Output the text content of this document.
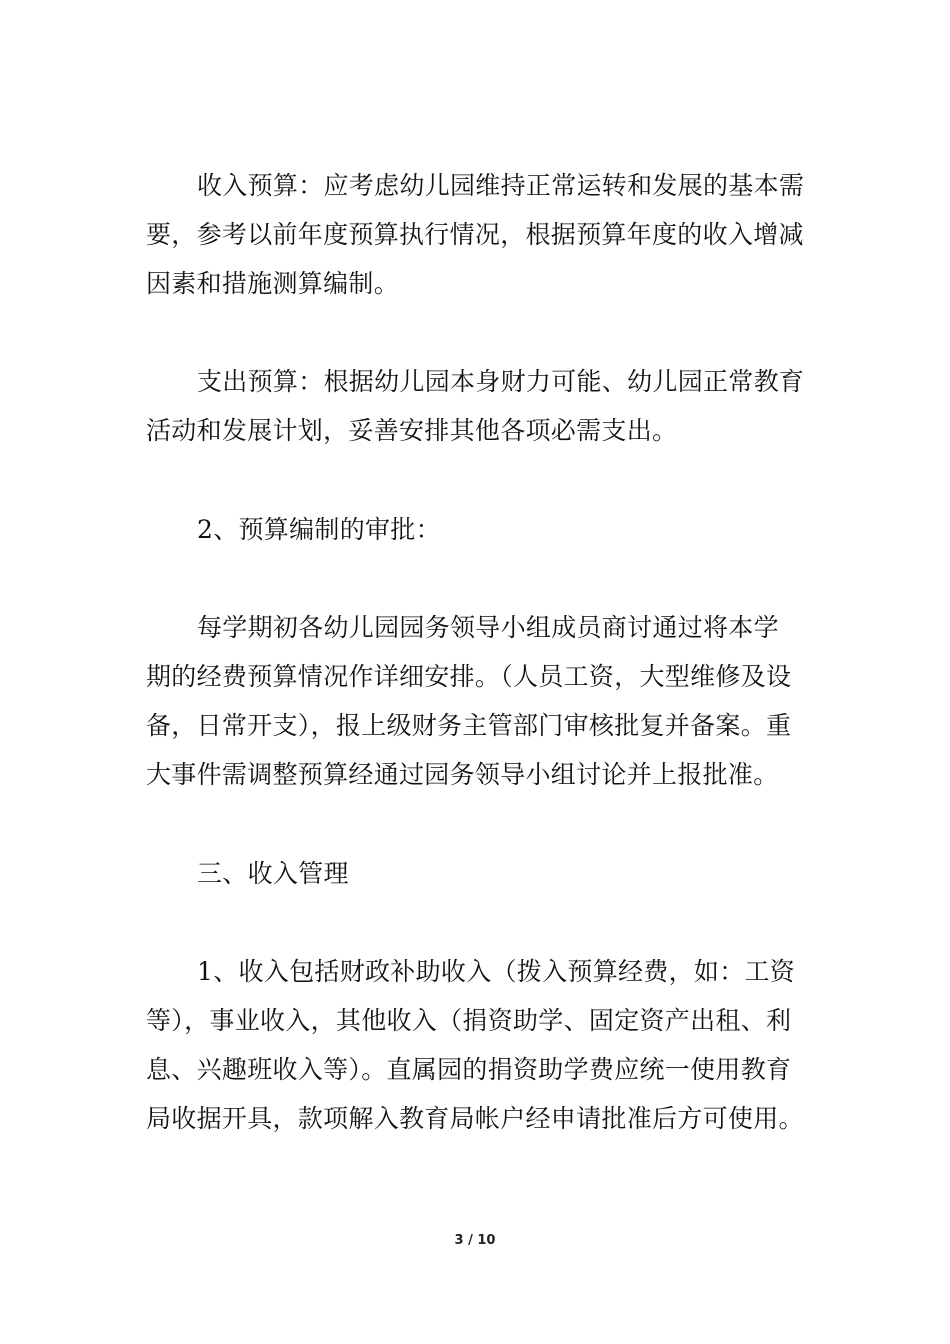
收入预算：应考虑幼儿园维持正常运转和发展的基本需
要，参考以前年度预算执行情况，根据预算年度的收入增减
因素和措施测算编制。

支出预算：根据幼儿园本身财力可能、幼儿园正常教育
活动和发展计划，妥善安排其他各项必需支出。

2、预算编制的审批：

每学期初各幼儿园园务领导小组成员商讨通过将本学
期的经费预算情况作详细安排。（人员工资，大型维修及设
备，日常开支），报上级财务主管部门审核批复并备案。重
大事件需调整预算经通过园务领导小组讨论并上报批准。

三、收入管理

1、收入包括财政补助收入（拨入预算经费，如：工资
等），事业收入，其他收入（捐资助学、固定资产出租、利
息、兴趣班收入等）。直属园的捐资助学费应统一使用教育
局收据开具，款项解入教育局帐户经申请批准后方可使用。

3 / 10
